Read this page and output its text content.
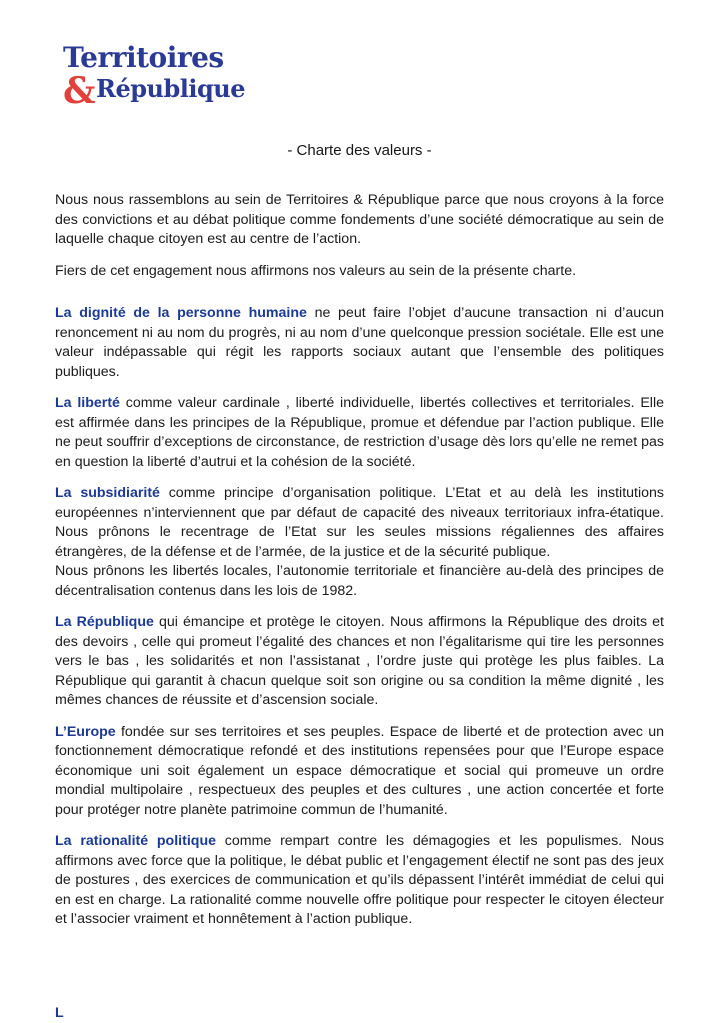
Territoires
&République
- Charte des valeurs -

Nous nous rassemblons au sein de Territoires & République parce que nous croyons à la force des convictions et au débat politique comme fondements d’une société démocratique au sein de laquelle chaque citoyen est au centre de l’action.

Fiers de cet engagement nous affirmons nos valeurs au sein de la présente charte.

La dignité de la personne humaine ne peut faire l’objet d’aucune transaction ni d’aucun renoncement ni au nom du progrès, ni au nom d’une quelconque pression sociétale. Elle est une valeur indépassable qui régit les rapports sociaux autant que l’ensemble des politiques publiques.

La liberté comme valeur cardinale , liberté individuelle, libertés collectives et territoriales. Elle est affirmée dans les principes de la République, promue et défendue par l’action publique. Elle ne peut souffrir d’exceptions de circonstance, de restriction d’usage dès lors qu’elle ne remet pas en question la liberté d’autrui et la cohésion de la société.

La subsidiarité comme principe d’organisation politique. L’Etat et au delà les institutions européennes n’interviennent que par défaut de capacité des niveaux territoriaux infra-étatique. Nous prônons le recentrage de l’Etat sur les seules missions régaliennes des affaires étrangères, de la défense et de l’armée, de la justice et de la sécurité publique.
Nous prônons les libertés locales, l’autonomie territoriale et financière au-delà des principes de décentralisation contenus dans les lois de 1982.

La République qui émancipe et protège le citoyen. Nous affirmons la République des droits et des devoirs , celle qui promeut l’égalité des chances et non l’égalitarisme qui tire les personnes vers le bas , les solidarités et non l’assistanat , l’ordre juste qui protège les plus faibles. La République qui garantit à chacun quelque soit son origine ou sa condition la même dignité , les mêmes chances de réussite et d’ascension sociale.

L’Europe fondée sur ses territoires et ses peuples. Espace de liberté et de protection avec un fonctionnement démocratique refondé et des institutions repensées pour que l’Europe espace économique uni soit également un espace démocratique et social qui promeuve un ordre mondial multipolaire , respectueux des peuples et des cultures , une action concertée et forte pour protéger notre planète patrimoine commun de l’humanité.

La rationalité politique comme rempart contre les démagogies et les populismes. Nous affirmons avec force que la politique, le débat public et l’engagement électif ne sont pas des jeux de postures , des exercices de communication et qu’ils dépassent l’intérêt immédiat de celui qui en est en charge. La rationalité comme nouvelle offre politique pour respecter le citoyen électeur et l’associer vraiment et honnêtement à l’action publique.

L
